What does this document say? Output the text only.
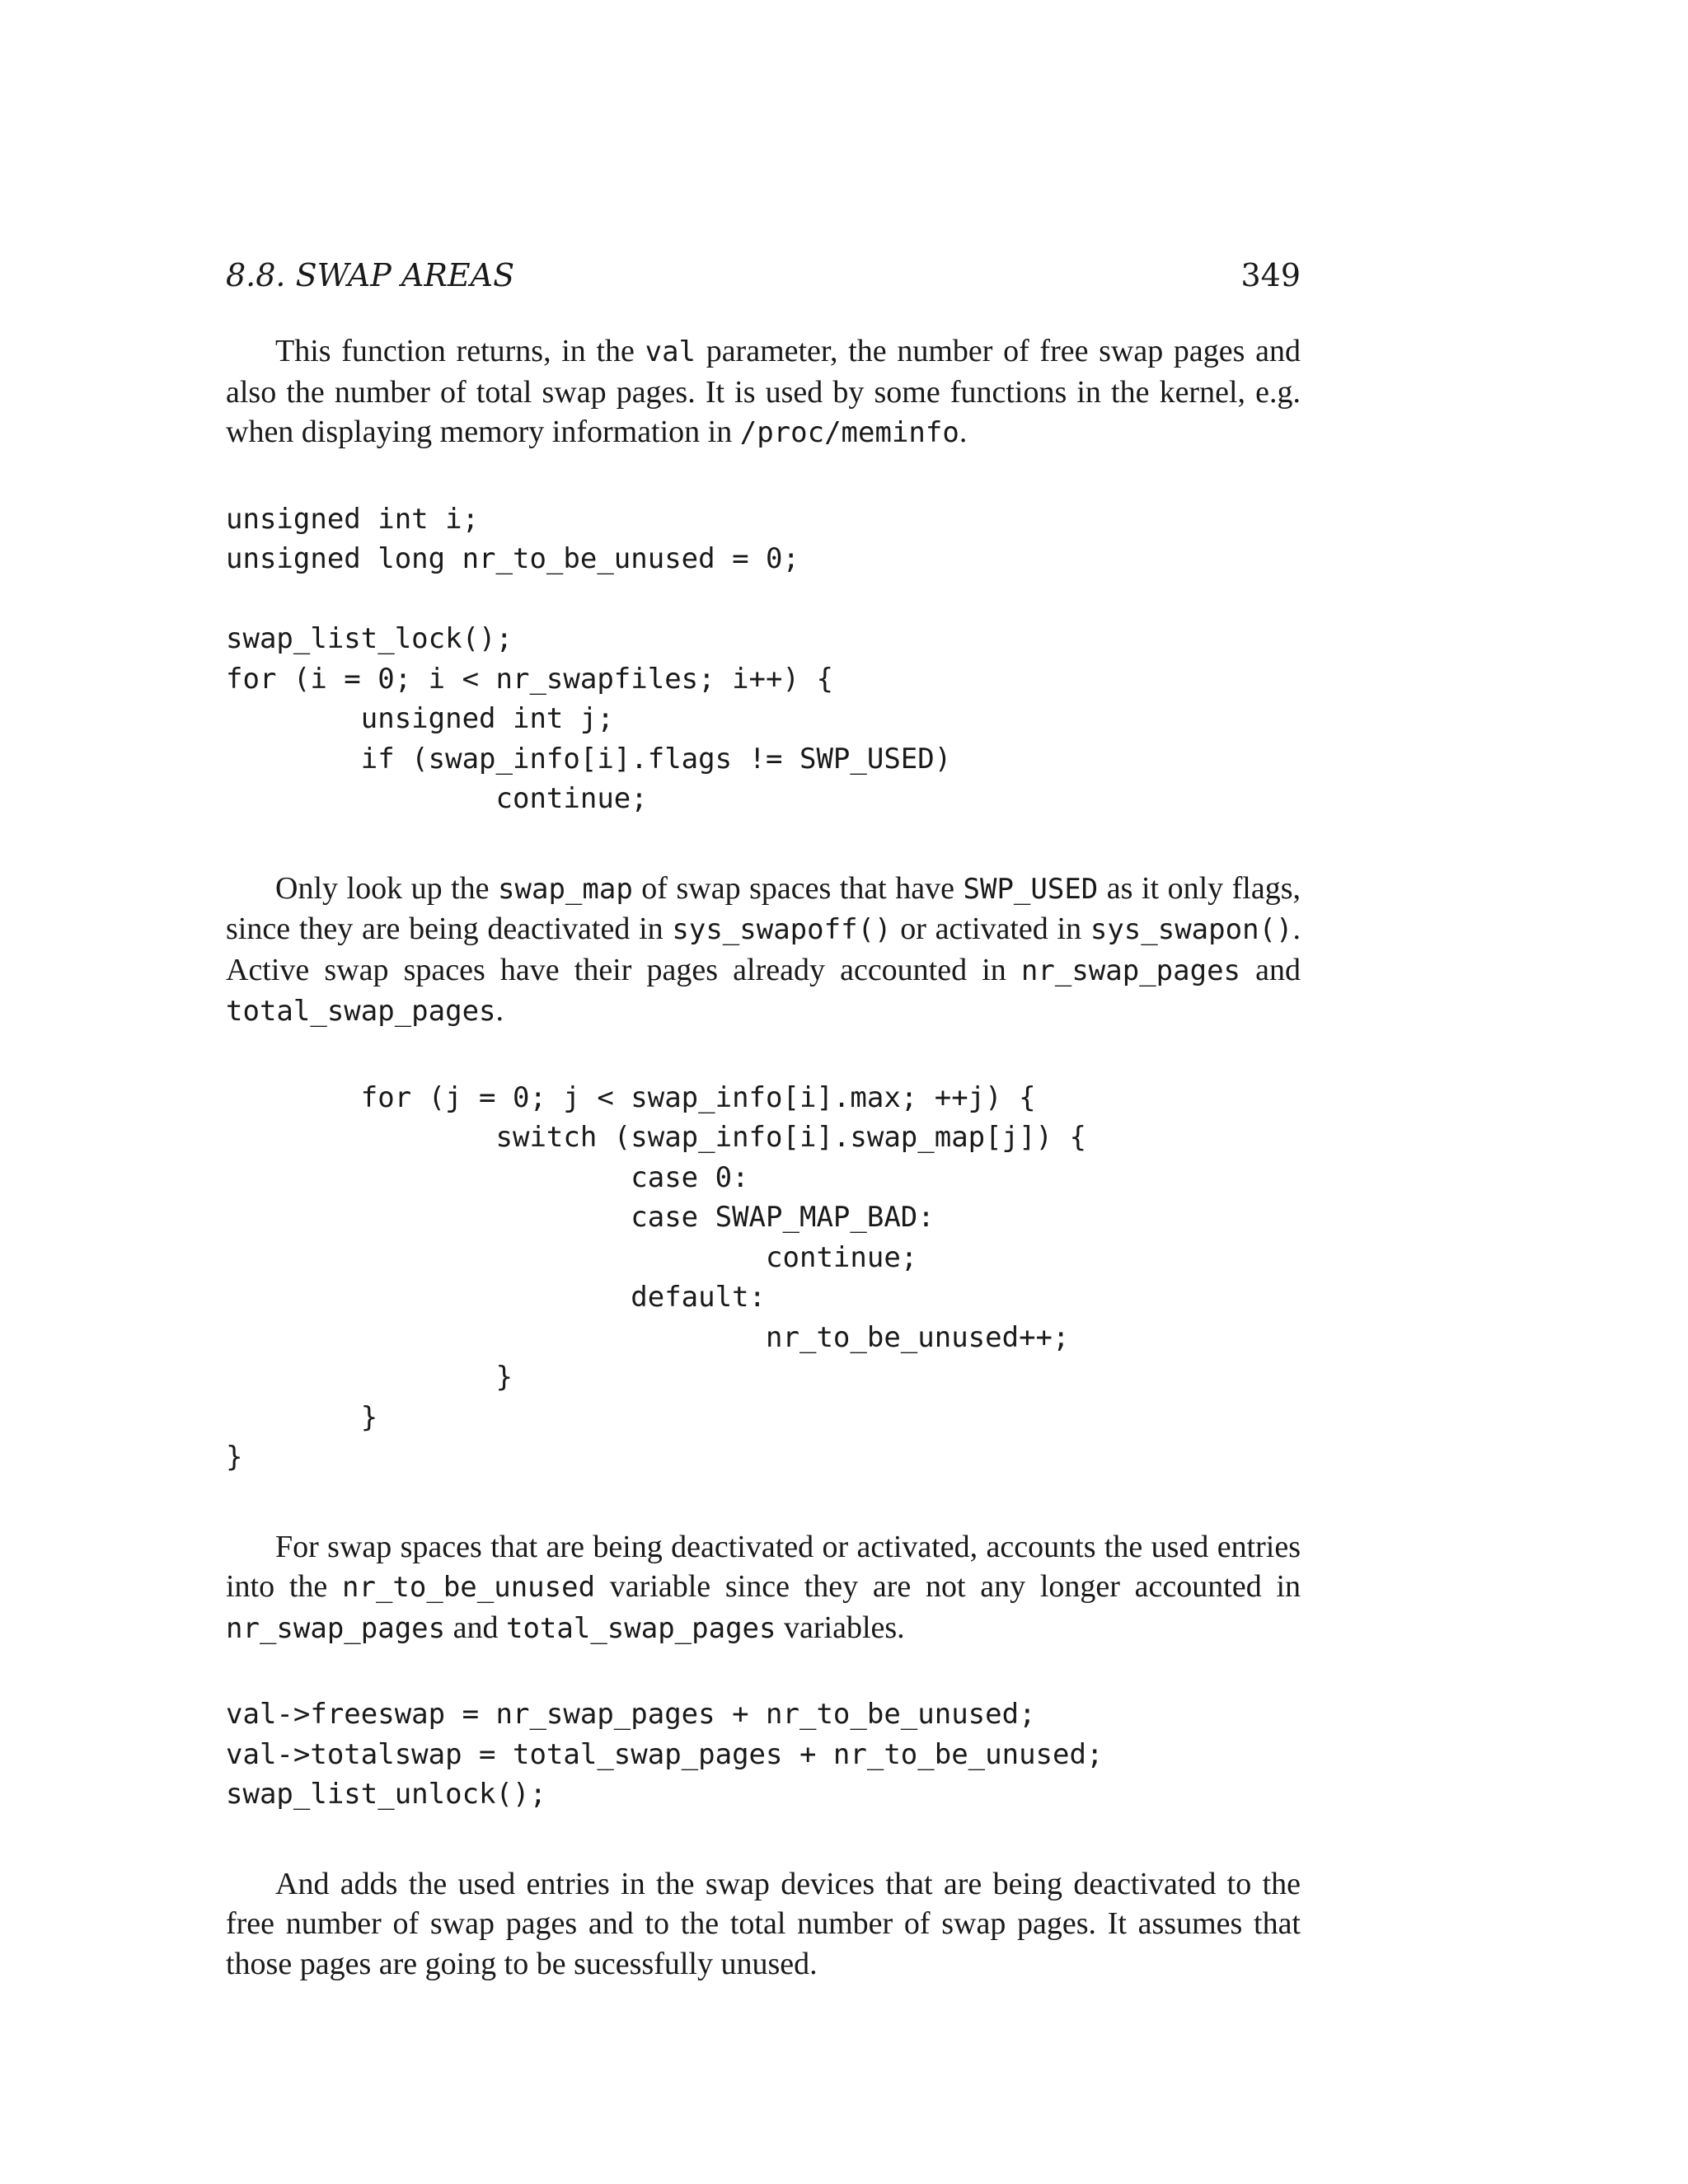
8.8. SWAP AREAS	349

This function returns, in the val parameter, the number of free swap pages and also the number of total swap pages. It is used by some functions in the kernel, e.g. when displaying memory information in /proc/meminfo.

unsigned int i;
unsigned long nr_to_be_unused = 0;

swap_list_lock();
for (i = 0; i < nr_swapfiles; i++) {
unsigned int j;
if (swap_info[i].flags != SWP_USED)
continue;

Only look up the swap_map of swap spaces that have SWP_USED as it only flags, since they are being deactivated in sys_swapoff() or activated in sys_swapon(). Active swap spaces have their pages already accounted in nr_swap_pages and total_swap_pages.

for (j = 0; j < swap_info[i].max; ++j) {
switch (swap_info[i].swap_map[j]) {
case 0:
case SWAP_MAP_BAD:
continue;
default:
nr_to_be_unused++;
}
}
}

For swap spaces that are being deactivated or activated, accounts the used entries into the nr_to_be_unused variable since they are not any longer accounted in nr_swap_pages and total_swap_pages variables.

val->freeswap = nr_swap_pages + nr_to_be_unused;
val->totalswap = total_swap_pages + nr_to_be_unused;
swap_list_unlock();

And adds the used entries in the swap devices that are being deactivated to the free number of swap pages and to the total number of swap pages. It assumes that those pages are going to be sucessfully unused.
